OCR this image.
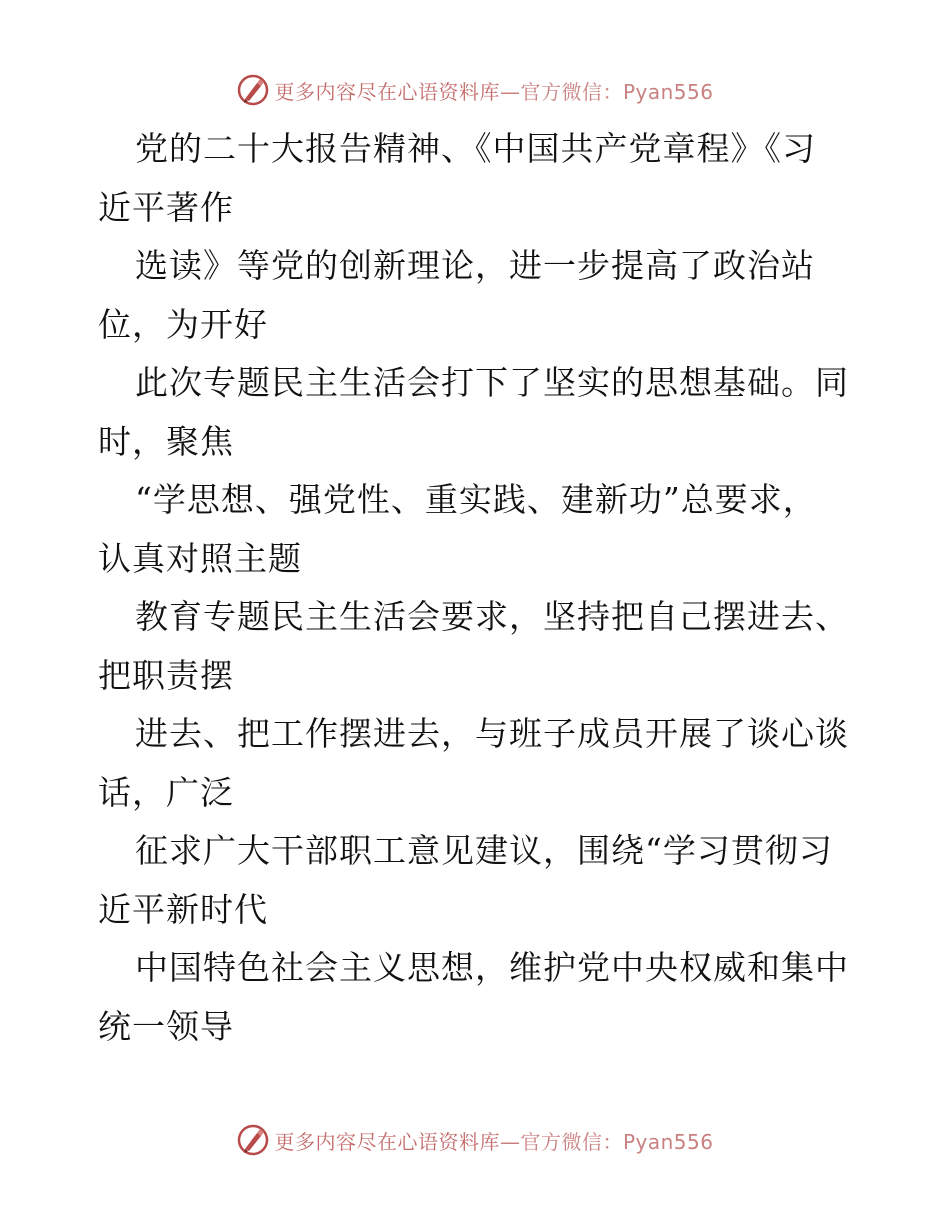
更多内容尽在心语资料库—官方微信：Pyan556
党的二十大报告精神、《中国共产党章程》《习
近平著作
选读》等党的创新理论，进一步提高了政治站
位，为开好
此次专题民主生活会打下了坚实的思想基础。同
时，聚焦
“学思想、强党性、重实践、建新功”总要求，
认真对照主题
教育专题民主生活会要求，坚持把自己摆进去、
把职责摆
进去、把工作摆进去，与班子成员开展了谈心谈
话，广泛
征求广大干部职工意见建议，围绕“学习贯彻习
近平新时代
中国特色社会主义思想，维护党中央权威和集中
统一领导
更多内容尽在心语资料库—官方微信：Pyan556
